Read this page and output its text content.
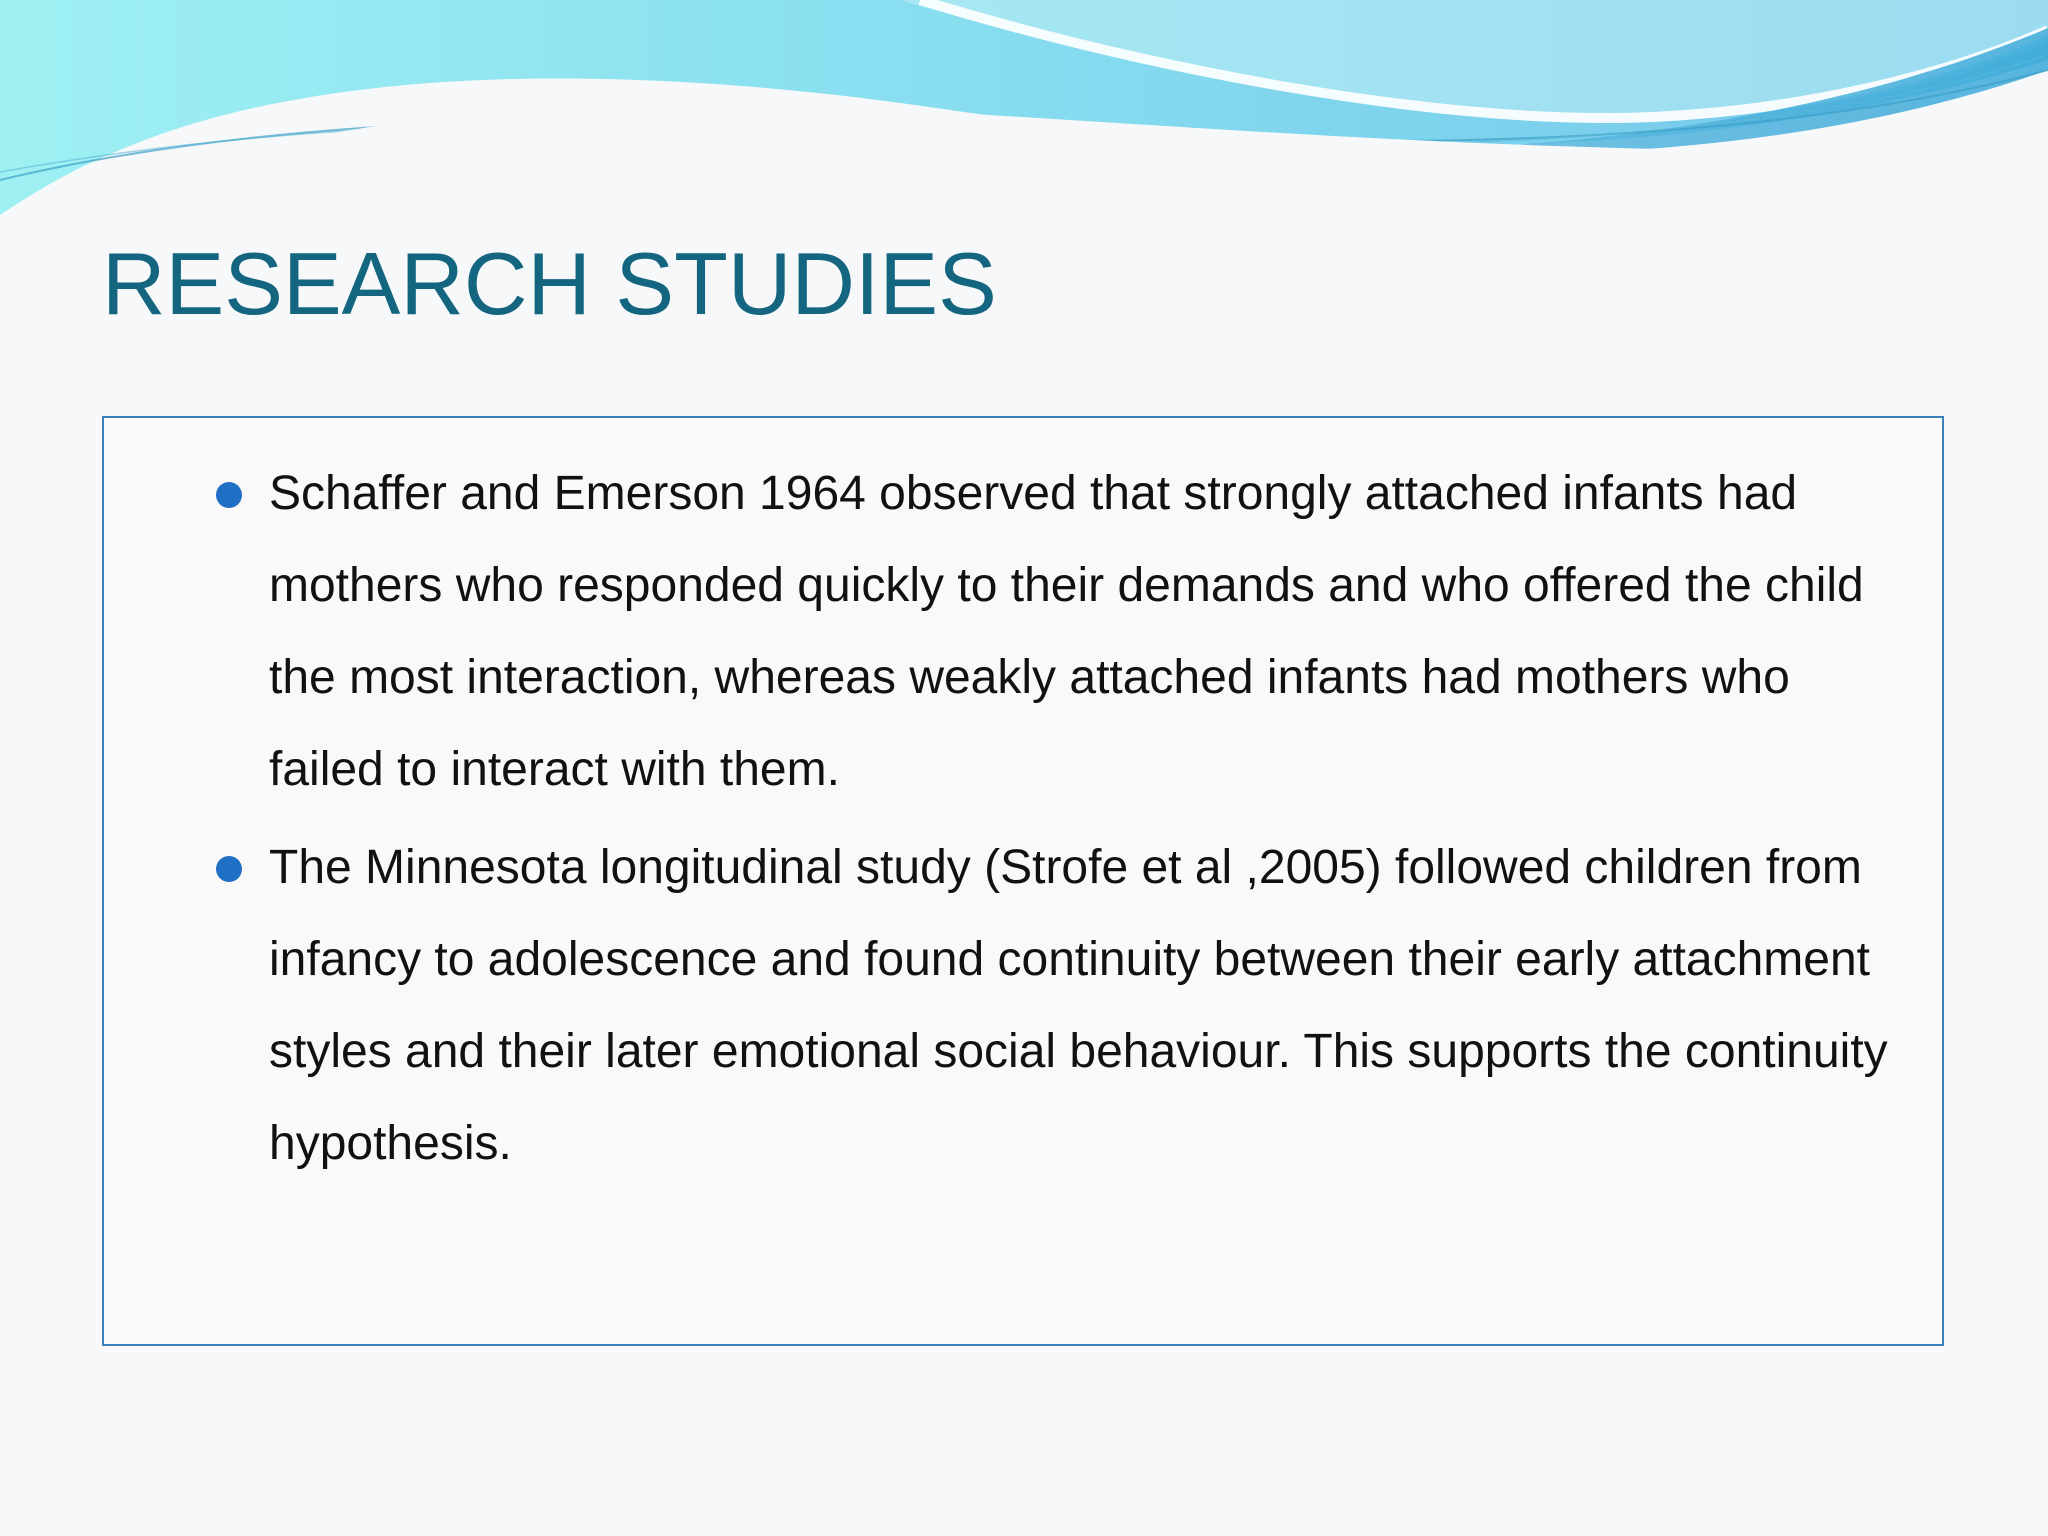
RESEARCH STUDIES
Schaffer and Emerson 1964 observed that strongly attached infants had mothers who responded quickly to their demands and who offered the child the most interaction, whereas weakly attached infants had mothers who failed to interact with them.
The Minnesota longitudinal study (Strofe et al ,2005) followed children from infancy to adolescence and found continuity between their early attachment styles and their later emotional social behaviour. This supports the continuity hypothesis.
